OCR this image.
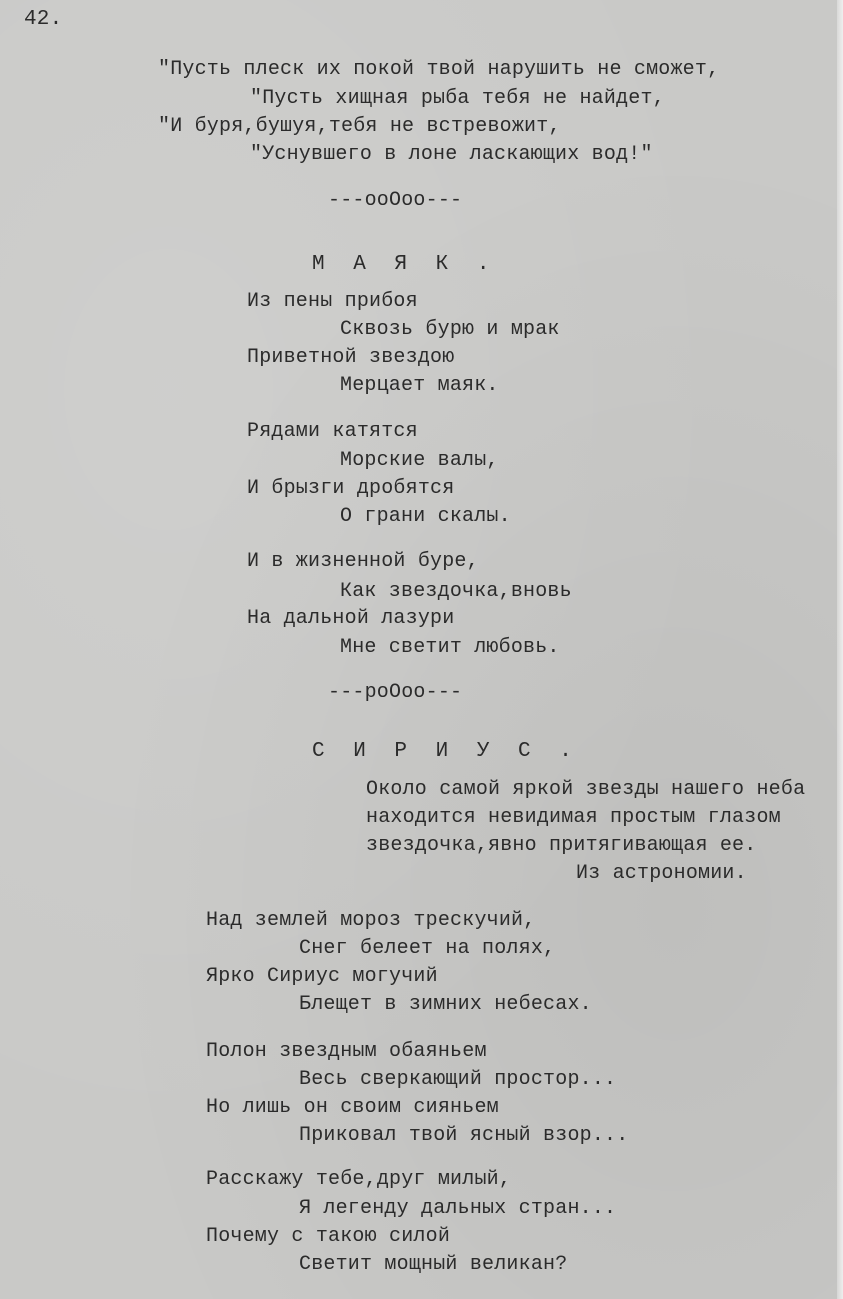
42.
"Пусть плеск их покой твой нарушить не сможет,
"Пусть хищная рыба тебя не найдет,
"И буря,бушуя,тебя не встревожит,
"Уснувшего в лоне ласкающих вод!"
---ооОоо---
М А Я К .
Из пены прибоя
Сквозь бурю и мрак
Приветной звездою
Мерцает маяк.
Рядами катятся
Морские валы,
И брызги дробятся
О грани скалы.
И в жизненной буре,
Как звездочка,вновь
На дальной лазури
Мне светит любовь.
---роОоо---
С И Р И У С .
Около самой яркой звезды нашего неба
находится невидимая простым глазом
звездочка,явно притягивающая ее.
Из астрономии.
Над землей мороз трескучий,
Снег белеет на полях,
Ярко Сириус могучий
Блещет в зимних небесах.
Полон звездным обаяньем
Весь сверкающий простор...
Но лишь он своим сияньем
Приковал твой ясный взор...
Расскажу тебе,друг милый,
Я легенду дальных стран...
Почему с такою силой
Светит мощный великан?
